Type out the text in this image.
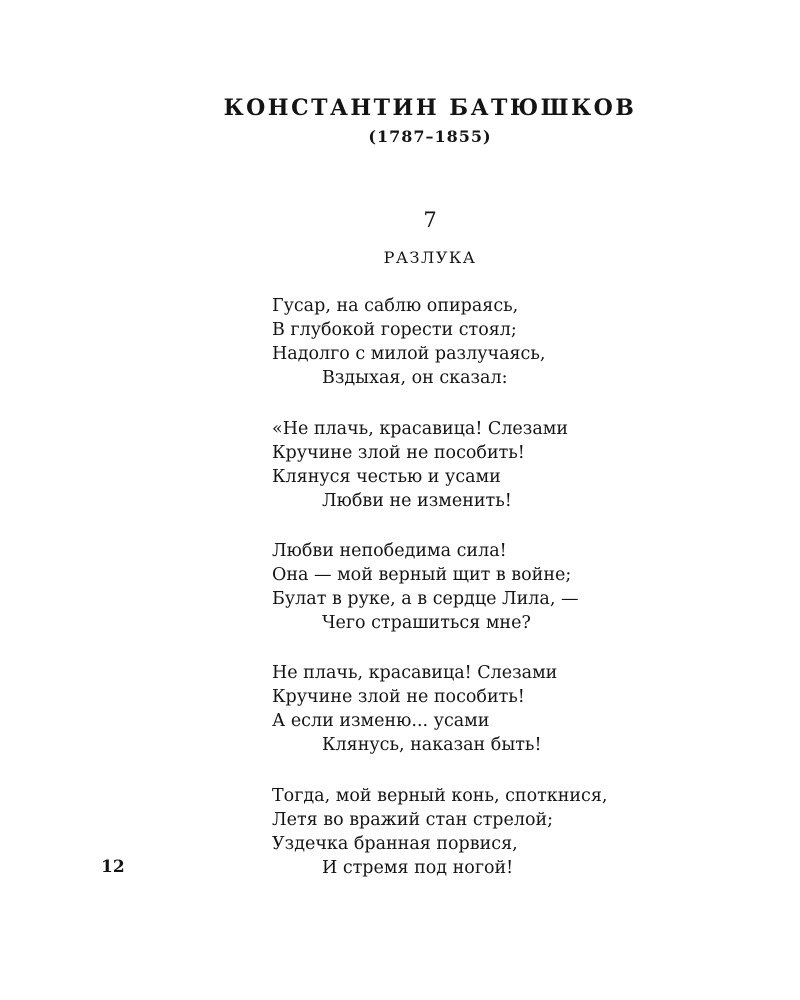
КОНСТАНТИН БАТЮШКОВ
(1787–1855)
7
РАЗЛУКА
Гусар, на саблю опираясь,
В глубокой горести стоял;
Надолго с милой разлучаясь,
Вздыхая, он сказал:
«Не плачь, красавица! Слезами
Кручине злой не пособить!
Клянуся честью и усами
Любви не изменить!
Любви непобедима сила!
Она — мой верный щит в войне;
Булат в руке, а в сердце Лила, —
Чего страшиться мне?
Не плачь, красавица! Слезами
Кручине злой не пособить!
А если изменю... усами
Клянусь, наказан быть!
Тогда, мой верный конь, споткнися,
Летя во вражий стан стрелой;
Уздечка бранная порвися,
И стремя под ногой!
12
